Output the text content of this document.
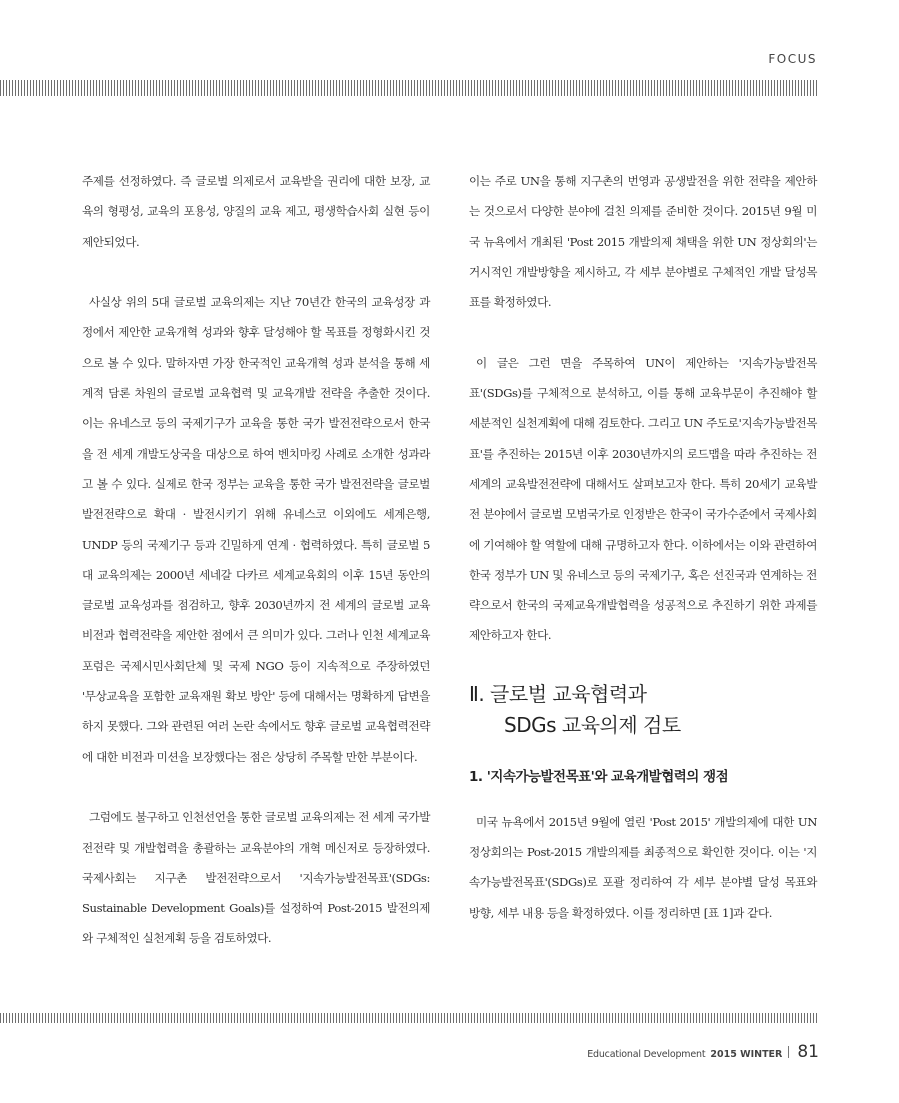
FOCUS

주제를 선정하였다. 즉 글로벌 의제로서 교육받을 권리에 대한 보장, 교육의 형평성, 교육의 포용성, 양질의 교육 제고, 평생학습사회 실현 등이 제안되었다.

사실상 위의 5대 글로벌 교육의제는 지난 70년간 한국의 교육성장 과정에서 제안한 교육개혁 성과와 향후 달성해야 할 목표를 정형화시킨 것으로 볼 수 있다. 말하자면 가장 한국적인 교육개혁 성과 분석을 통해 세계적 담론 차원의 글로벌 교육협력 및 교육개발 전략을 추출한 것이다. 이는 유네스코 등의 국제기구가 교육을 통한 국가 발전전략으로서 한국을 전 세계 개발도상국을 대상으로 하여 벤치마킹 사례로 소개한 성과라고 볼 수 있다. 실제로 한국 정부는 교육을 통한 국가 발전전략을 글로벌 발전전략으로 확대 · 발전시키기 위해 유네스코 이외에도 세계은행, UNDP 등의 국제기구 등과 긴밀하게 연계 · 협력하였다. 특히 글로벌 5대 교육의제는 2000년 세네갈 다카르 세계교육회의 이후 15년 동안의 글로벌 교육성과를 점검하고, 향후 2030년까지 전 세계의 글로벌 교육비전과 협력전략을 제안한 점에서 큰 의미가 있다. 그러나 인천 세계교육포럼은 국제시민사회단체 및 국제 NGO 등이 지속적으로 주장하였던 '무상교육을 포함한 교육재원 확보 방안' 등에 대해서는 명확하게 답변을 하지 못했다. 그와 관련된 여러 논란 속에서도 향후 글로벌 교육협력전략에 대한 비전과 미션을 보장했다는 점은 상당히 주목할 만한 부분이다.

그럼에도 불구하고 인천선언을 통한 글로벌 교육의제는 전 세계 국가발전전략 및 개발협력을 총괄하는 교육분야의 개혁 메신저로 등장하였다. 국제사회는 지구촌 발전전략으로서 '지속가능발전목표'(SDGs: Sustainable Development Goals)를 설정하여 Post-2015 발전의제와 구체적인 실천계획 등을 검토하였다.

이는 주로 UN을 통해 지구촌의 번영과 공생발전을 위한 전략을 제안하는 것으로서 다양한 분야에 걸친 의제를 준비한 것이다. 2015년 9월 미국 뉴욕에서 개최된 'Post 2015 개발의제 채택을 위한 UN 정상회의'는 거시적인 개발방향을 제시하고, 각 세부 분야별로 구체적인 개발 달성목표를 확정하였다.

이 글은 그런 면을 주목하여 UN이 제안하는 '지속가능발전목표'(SDGs)를 구체적으로 분석하고, 이를 통해 교육부문이 추진해야 할 세분적인 실천계획에 대해 검토한다. 그리고 UN 주도로'지속가능발전목표'를 추진하는 2015년 이후 2030년까지의 로드맵을 따라 추진하는 전 세계의 교육발전전략에 대해서도 살펴보고자 한다. 특히 20세기 교육발전 분야에서 글로벌 모범국가로 인정받은 한국이 국가수준에서 국제사회에 기여해야 할 역할에 대해 규명하고자 한다. 이하에서는 이와 관련하여 한국 정부가 UN 및 유네스코 등의 국제기구, 혹은 선진국과 연계하는 전략으로서 한국의 국제교육개발협력을 성공적으로 추진하기 위한 과제를 제안하고자 한다.

Ⅱ. 글로벌 교육협력과
SDGs 교육의제 검토
1. '지속가능발전목표'와 교육개발협력의 쟁점

미국 뉴욕에서 2015년 9월에 열린 'Post 2015' 개발의제에 대한 UN 정상회의는 Post-2015 개발의제를 최종적으로 확인한 것이다. 이는 '지속가능발전목표'(SDGs)로 포괄 정리하여 각 세부 분야별 달성 목표와 방향, 세부 내용 등을 확정하였다. 이를 정리하면 [표 1]과 같다.

Educational Development 2015 WINTER 81
